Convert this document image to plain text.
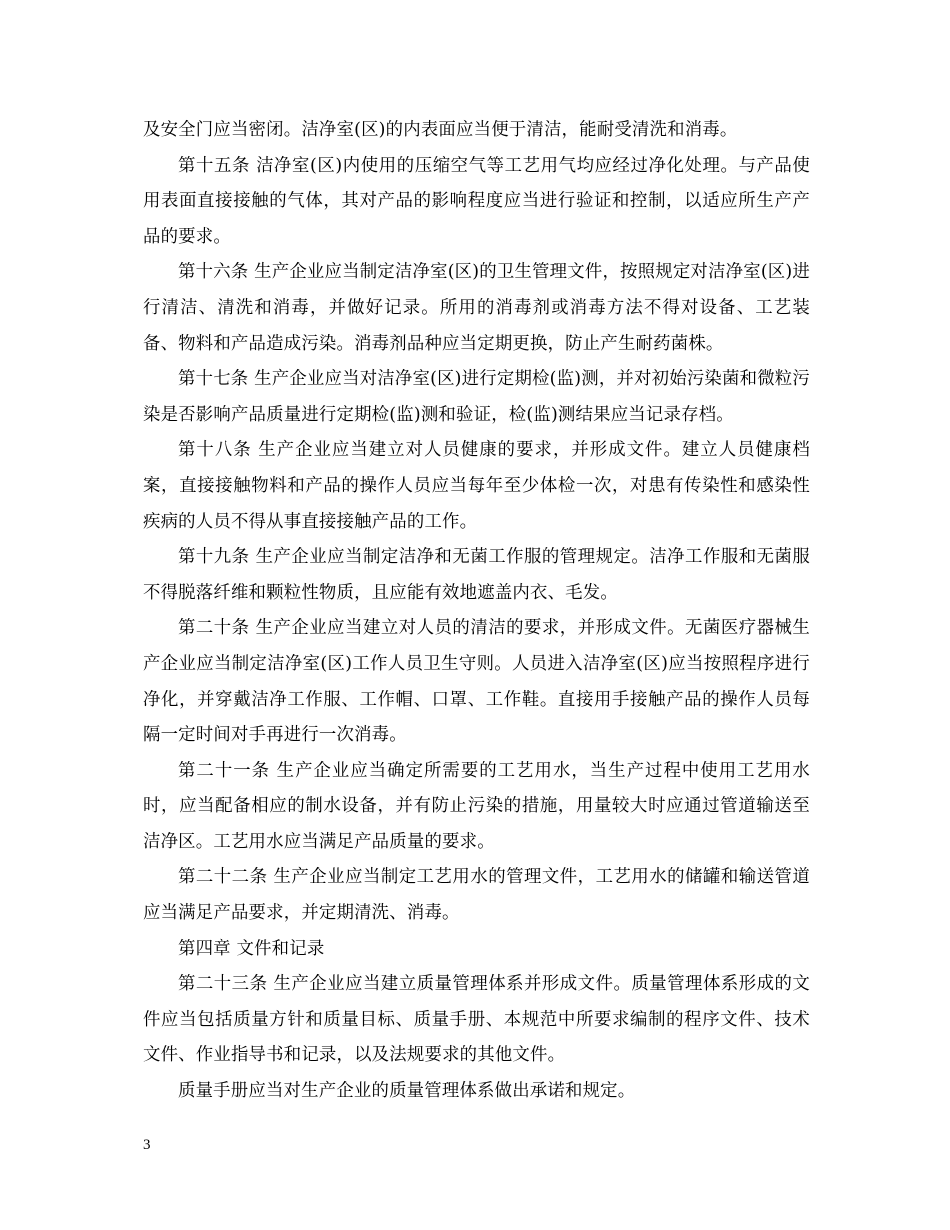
及安全门应当密闭。洁净室(区)的内表面应当便于清洁，能耐受清洗和消毒。

第十五条 洁净室(区)内使用的压缩空气等工艺用气均应经过净化处理。与产品使用表面直接接触的气体，其对产品的影响程度应当进行验证和控制，以适应所生产产品的要求。

第十六条 生产企业应当制定洁净室(区)的卫生管理文件，按照规定对洁净室(区)进行清洁、清洗和消毒，并做好记录。所用的消毒剂或消毒方法不得对设备、工艺装备、物料和产品造成污染。消毒剂品种应当定期更换，防止产生耐药菌株。

第十七条 生产企业应当对洁净室(区)进行定期检(监)测，并对初始污染菌和微粒污染是否影响产品质量进行定期检(监)测和验证，检(监)测结果应当记录存档。

第十八条 生产企业应当建立对人员健康的要求，并形成文件。建立人员健康档案，直接接触物料和产品的操作人员应当每年至少体检一次，对患有传染性和感染性疾病的人员不得从事直接接触产品的工作。

第十九条 生产企业应当制定洁净和无菌工作服的管理规定。洁净工作服和无菌服不得脱落纤维和颗粒性物质，且应能有效地遮盖内衣、毛发。

第二十条 生产企业应当建立对人员的清洁的要求，并形成文件。无菌医疗器械生产企业应当制定洁净室(区)工作人员卫生守则。人员进入洁净室(区)应当按照程序进行净化，并穿戴洁净工作服、工作帽、口罩、工作鞋。直接用手接触产品的操作人员每隔一定时间对手再进行一次消毒。

第二十一条 生产企业应当确定所需要的工艺用水，当生产过程中使用工艺用水时，应当配备相应的制水设备，并有防止污染的措施，用量较大时应通过管道输送至洁净区。工艺用水应当满足产品质量的要求。

第二十二条 生产企业应当制定工艺用水的管理文件，工艺用水的储罐和输送管道应当满足产品要求，并定期清洗、消毒。

第四章 文件和记录

第二十三条 生产企业应当建立质量管理体系并形成文件。质量管理体系形成的文件应当包括质量方针和质量目标、质量手册、本规范中所要求编制的程序文件、技术文件、作业指导书和记录，以及法规要求的其他文件。

质量手册应当对生产企业的质量管理体系做出承诺和规定。

3
